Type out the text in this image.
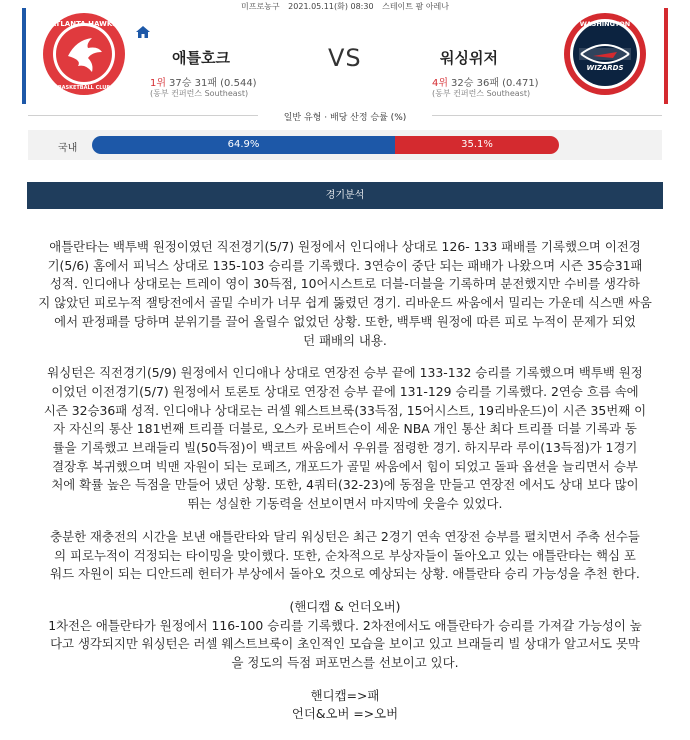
미프로농구 2021.05.11(화) 08:30 스테이트 팜 아레나
ATLANTA HAWKS
BASKETBALL CLUB
애틀호크	VS	워싱위저
1위 37승 31패 (0.544)
(동부 컨퍼런스 Southeast)
4위 32승 36패 (0.471)
(동부 컨퍼런스 Southeast)
WASHINGTON
WIZARDS
일반 유형 · 배당 산정 승률 (%)
국내	64.9%	35.1%
경기분석

애틀란타는 백투백 원정이였던 직전경기(5/7) 원정에서 인디애나 상대로 126- 133 패배를 기록했으며 이전경

기(5/6) 홈에서 피닉스 상대로 135-103 승리를 기록했다. 3연승이 중단 되는 패배가 나왔으며 시즌 35승31패

성적. 인디애나 상대로는 트레이 영이 30득점, 10어시스트로 더블-더블을 기록하며 분전했지만 수비를 생각하

지 않았던 피로누적 잴탕전에서 골밑 수비가 너무 쉽게 뚫렸던 경기. 리바운드 싸움에서 밀리는 가운데 식스맨 싸움

에서 판정패를 당하며 분위기를 끌어 올릴수 없었던 상황. 또한, 백투백 원정에 따른 피로 누적이 문제가 되었

던 패배의 내용.

워싱턴은 직전경기(5/9) 원정에서 인디애나 상대로 연장전 승부 끝에 133-132 승리를 기록했으며 백투백 원정

이었던 이전경기(5/7) 원정에서 토론토 상대로 연장전 승부 끝에 131-129 승리를 기록했다. 2연승 흐름 속에

시즌 32승36패 성적. 인디애나 상대로는 러셀 웨스트브룩(33득점, 15어시스트, 19리바운드)이 시즌 35번째 이

자 자신의 통산 181번째 트리플 더블로, 오스카 로버트슨이 세운 NBA 개인 통산 최다 트리플 더블 기록과 동

률을 기록했고 브래들리 빌(50득점)이 백코트 싸움에서 우위를 점령한 경기. 하지무라 루이(13득점)가 1경기

결장후 복귀했으며 빅맨 자원이 되는 로페즈, 개포드가 골밑 싸움에서 힘이 되었고 돌파 옵션을 늘리면서 승부

처에 확률 높은 득점을 만들어 냈던 상황. 또한, 4쿼터(32-23)에 동점을 만들고 연장전 에서도 상대 보다 많이

뛰는 성실한 기동력을 선보이면서 마지막에 웃을수 있었다.

충분한 재충전의 시간을 보낸 애틀란타와 달리 워싱턴은 최근 2경기 연속 연장전 승부를 펼치면서 주축 선수들

의 피로누적이 걱정되는 타이밍을 맞이했다. 또한, 순차적으로 부상자들이 돌아오고 있는 애틀란타는 핵심 포

워드 자원이 되는 디안드레 헌터가 부상에서 돌아오 것으로 예상되는 상황. 애틀란타 승리 가능성을 추천 한다.

(핸디캡 & 언더오버)

1차전은 애틀란타가 원정에서 116-100 승리를 기록했다. 2차전에서도 애틀란타가 승리를 가져갈 가능성이 높

다고 생각되지만 워싱턴은 러셀 웨스트브룩이 초인적인 모습을 보이고 있고 브래들리 빌 상대가 알고서도 못막

을 정도의 득점 퍼포먼스를 선보이고 있다.

핸디캡=>패

언더&오버 =>오버
